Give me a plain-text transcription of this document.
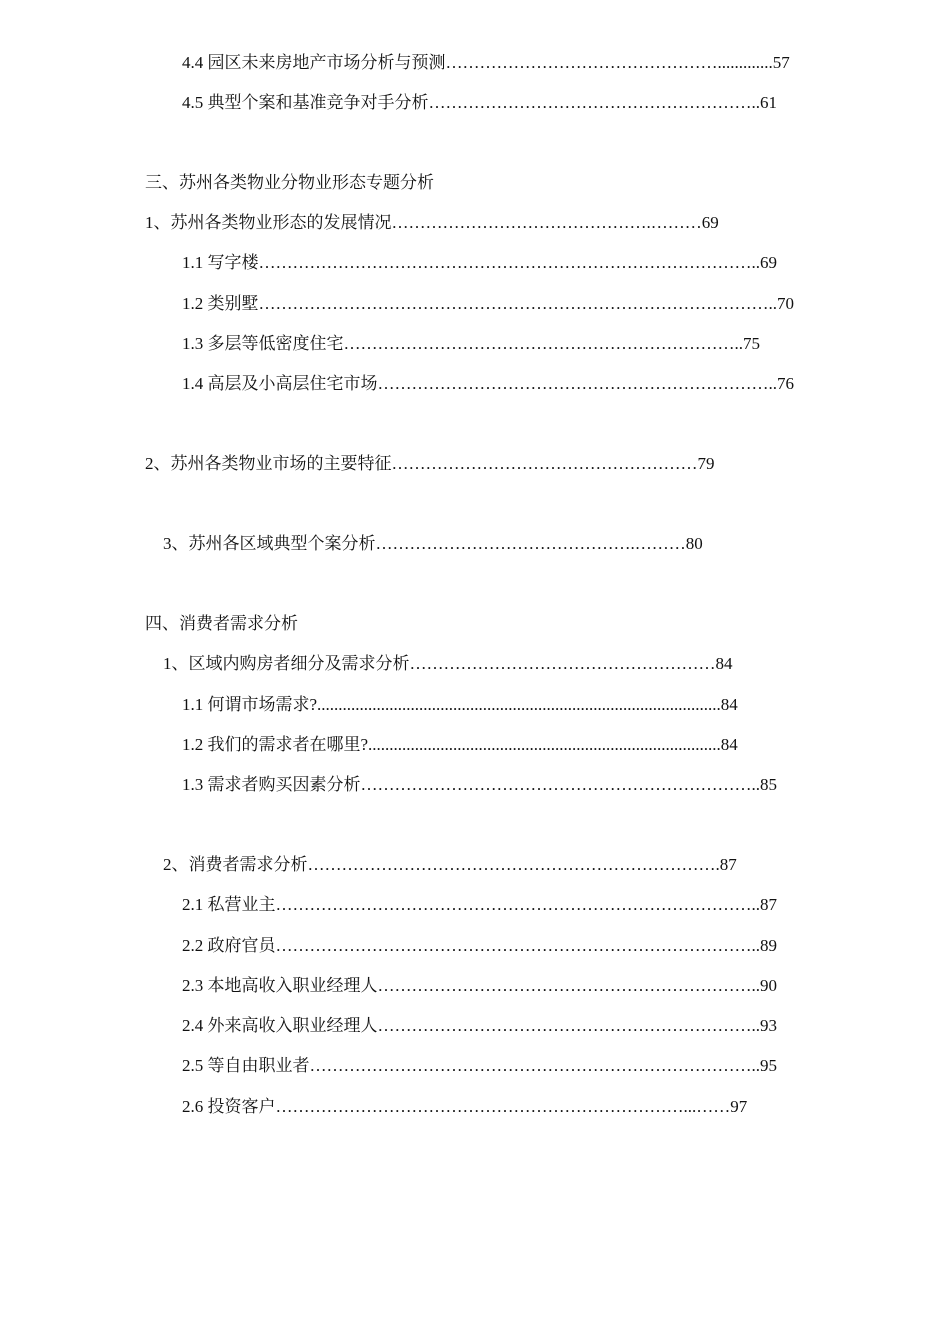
4.4 园区未来房地产市场分析与预测………………………………………….............57
4.5 典型个案和基准竞争对手分析…………………………………………………..61
三、苏州各类物业分物业形态专题分析
1、苏州各类物业形态的发展情况……………………………………….………69
1.1 写字楼……………………………………………………………………………..69
1.2 类别墅………………………………………………………………………………..70
1.3 多层等低密度住宅……………………………………………………………..75
1.4 高层及小高层住宅市场……………………………………………………………..76
2、苏州各类物业市场的主要特征………………………………………………79
3、苏州各区域典型个案分析……………………………………….………80
四、消费者需求分析
1、区域内购房者细分及需求分析………………………………………………84
1.1 何谓市场需求?...............................................................................................84
1.2 我们的需求者在哪里?...................................................................................84
1.3 需求者购买因素分析……………………………………………………………..85
2、消费者需求分析……………………………………………………………….87
2.1 私营业主…………………………………………………………………………..87
2.2 政府官员…………………………………………………………………………..89
2.3 本地高收入职业经理人…………………………………………………………..90
2.4 外来高收入职业经理人…………………………………………………………..93
2.5 等自由职业者……………………………………………………………………..95
2.6 投资客户………………………………………………………………...……97
